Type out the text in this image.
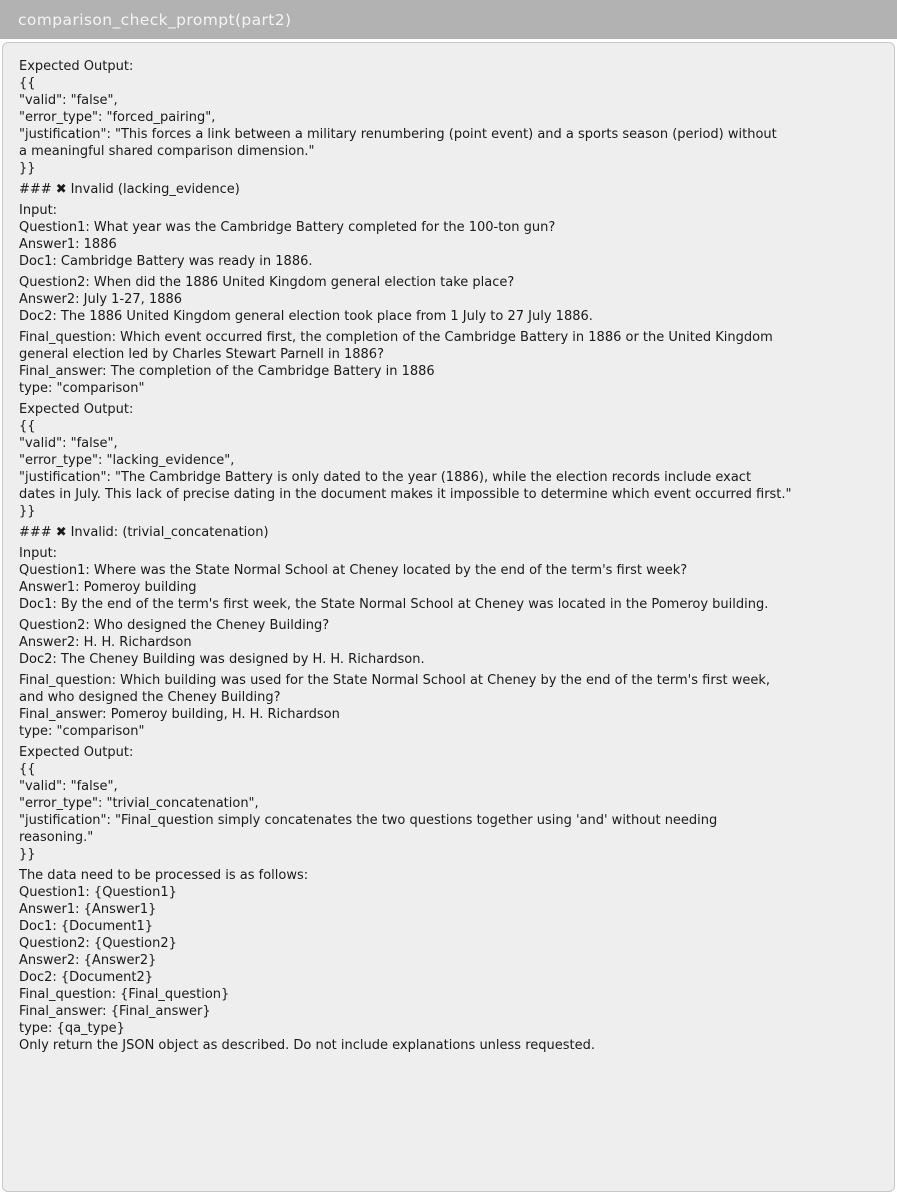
comparison_check_prompt(part2)
Expected Output:
{{
"valid": "false",
"error_type": "forced_pairing",
"justification": "This forces a link between a military renumbering (point event) and a sports season (period) without
a meaningful shared comparison dimension."
}}
### ✖ Invalid (lacking_evidence)
Input:
Question1: What year was the Cambridge Battery completed for the 100-ton gun?
Answer1: 1886
Doc1: Cambridge Battery was ready in 1886.
Question2: When did the 1886 United Kingdom general election take place?
Answer2: July 1-27, 1886
Doc2: The 1886 United Kingdom general election took place from 1 July to 27 July 1886.
Final_question: Which event occurred first, the completion of the Cambridge Battery in 1886 or the United Kingdom
general election led by Charles Stewart Parnell in 1886?
Final_answer: The completion of the Cambridge Battery in 1886
type: "comparison"
Expected Output:
{{
"valid": "false",
"error_type": "lacking_evidence",
"justification": "The Cambridge Battery is only dated to the year (1886), while the election records include exact
dates in July. This lack of precise dating in the document makes it impossible to determine which event occurred first."
}}
### ✖ Invalid: (trivial_concatenation)
Input:
Question1: Where was the State Normal School at Cheney located by the end of the term's first week?
Answer1: Pomeroy building
Doc1: By the end of the term's first week, the State Normal School at Cheney was located in the Pomeroy building.
Question2: Who designed the Cheney Building?
Answer2: H. H. Richardson
Doc2: The Cheney Building was designed by H. H. Richardson.
Final_question: Which building was used for the State Normal School at Cheney by the end of the term's first week,
and who designed the Cheney Building?
Final_answer: Pomeroy building, H. H. Richardson
type: "comparison"
Expected Output:
{{
"valid": "false",
"error_type": "trivial_concatenation",
"justification": "Final_question simply concatenates the two questions together using 'and' without needing
reasoning."
}}
The data need to be processed is as follows:
Question1: {Question1}
Answer1: {Answer1}
Doc1: {Document1}
Question2: {Question2}
Answer2: {Answer2}
Doc2: {Document2}
Final_question: {Final_question}
Final_answer: {Final_answer}
type: {qa_type}
Only return the JSON object as described. Do not include explanations unless requested.
